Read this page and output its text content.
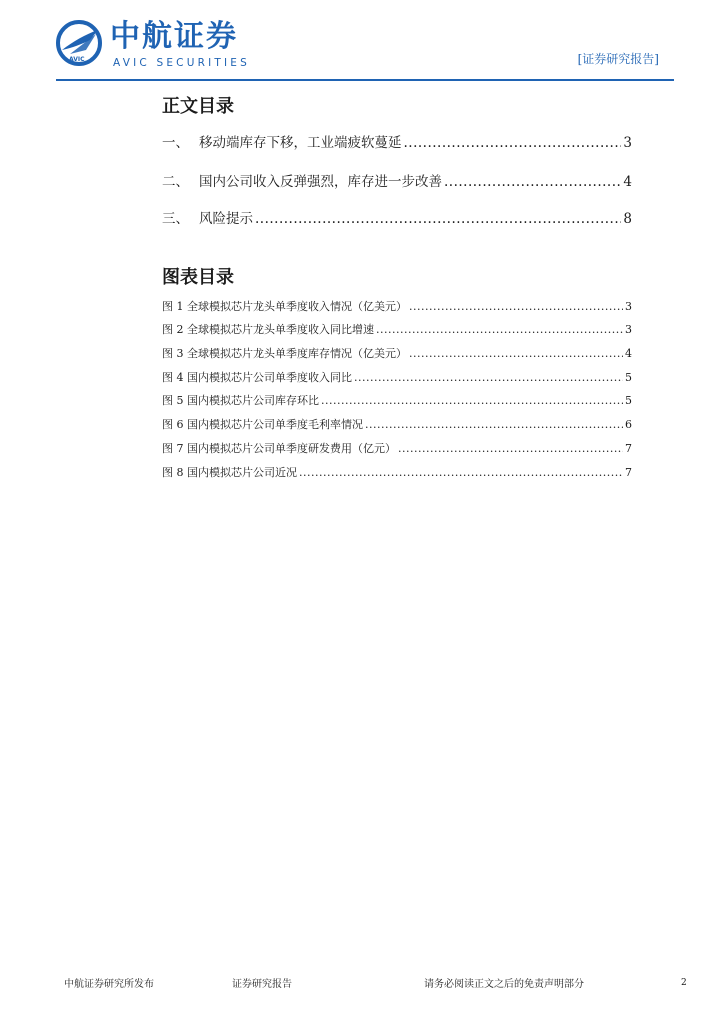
AVIC
中航证券
AVIC SECURITIES	[证券研究报告]
正文目录
一、 移动端库存下移，工业端疲软蔓延 .....	3
二、 国内公司收入反弹强烈，库存进一步改善 .....	4
三、 风险提示 .....	8
图表目录
图 1 全球模拟芯片龙头单季度收入情况（亿美元） .....	3
图 2 全球模拟芯片龙头单季度收入同比增速 .....	3
图 3 全球模拟芯片龙头单季度库存情况（亿美元） .....	4
图 4 国内模拟芯片公司单季度收入同比 .....	5
图 5 国内模拟芯片公司库存环比 .....	5
图 6 国内模拟芯片公司单季度毛利率情况 .....	6
图 7 国内模拟芯片公司单季度研发费用（亿元） .....	7
图 8 国内模拟芯片公司近况 .....	7
中航证券研究所发布	证券研究报告	请务必阅读正文之后的免责声明部分	2
